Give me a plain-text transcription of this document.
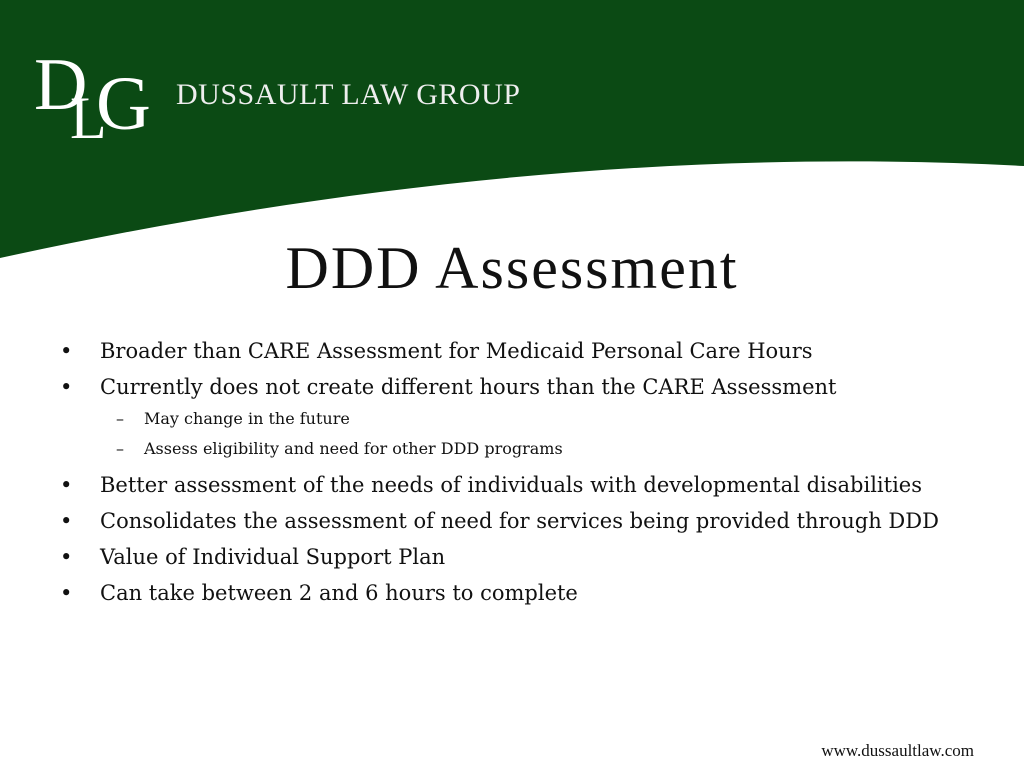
D
L
G DUSSAULT LAW GROUP
DDD Assessment
• Broader than CARE Assessment for Medicaid Personal Care Hours
• Currently does not create different hours than the CARE Assessment
– May change in the future
– Assess eligibility and need for other DDD programs
• Better assessment of the needs of individuals with developmental disabilities
• Consolidates the assessment of need for services being provided through DDD
• Value of Individual Support Plan
• Can take between 2 and 6 hours to complete
www.dussaultlaw.com
